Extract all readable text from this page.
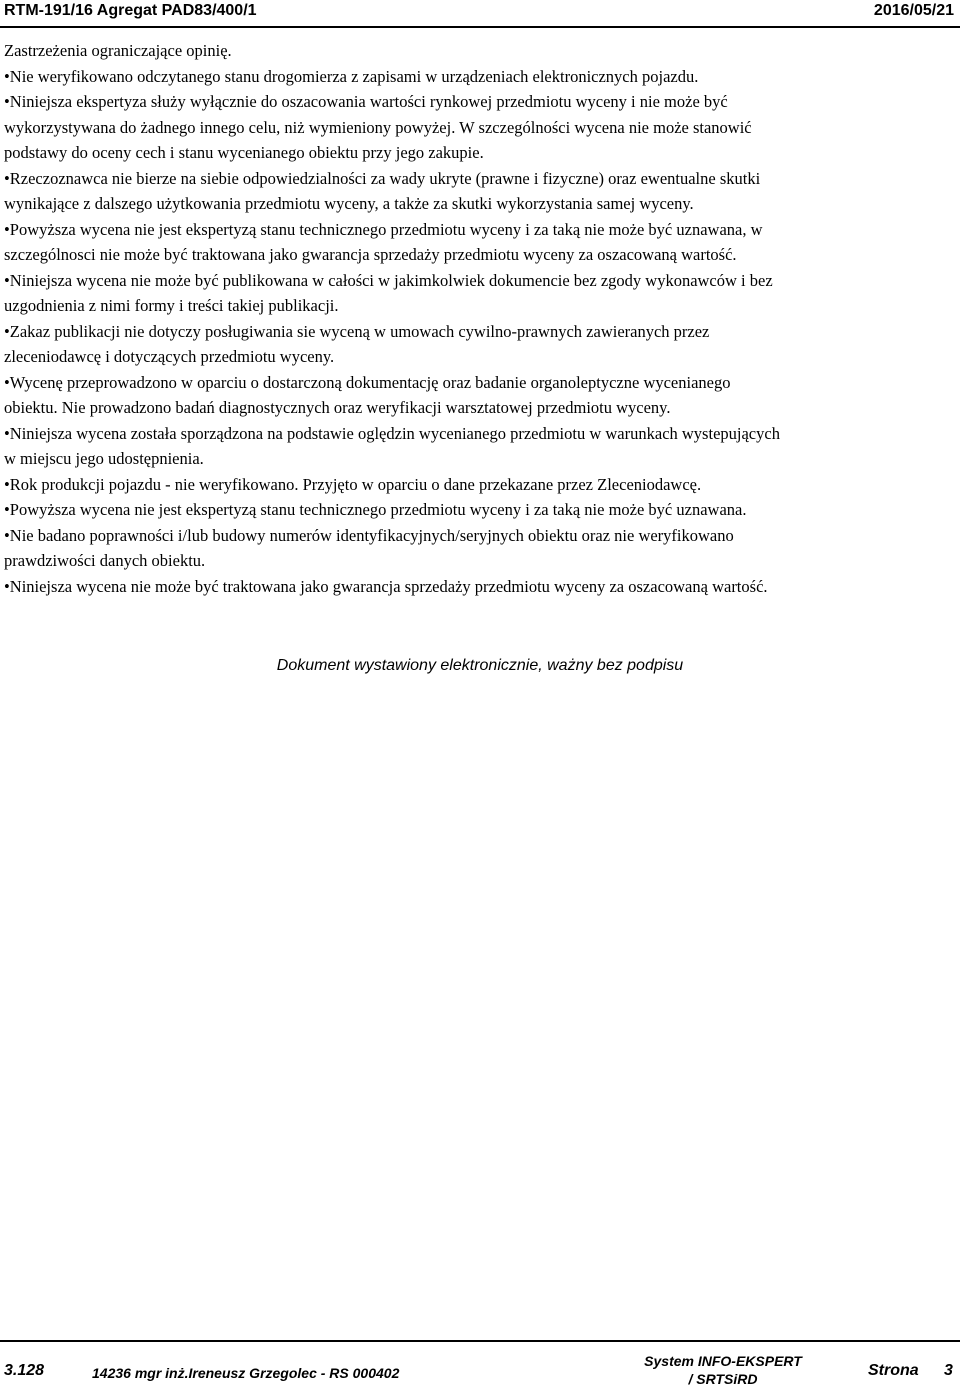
RTM-191/16 Agregat PAD83/400/1	2016/05/21

Zastrzeżenia ograniczające opinię.

•Nie weryfikowano odczytanego stanu drogomierza z zapisami w urządzeniach elektronicznych pojazdu.
•Niniejsza ekspertyza służy wyłącznie do oszacowania wartości rynkowej przedmiotu wyceny i nie może być
wykorzystywana do żadnego innego celu, niż wymieniony powyżej. W szczególności wycena nie może stanowić
podstawy do oceny cech i stanu wycenianego obiektu przy jego zakupie.
•Rzeczoznawca nie bierze na siebie odpowiedzialności za wady ukryte (prawne i fizyczne) oraz ewentualne skutki
wynikające z dalszego użytkowania przedmiotu wyceny, a także za skutki wykorzystania samej wyceny.
•Powyższa wycena nie jest ekspertyzą stanu technicznego przedmiotu wyceny i za taką nie może być uznawana, w
szczególnosci nie może być traktowana jako gwarancja sprzedaży przedmiotu wyceny za oszacowaną wartość.
•Niniejsza wycena nie może być publikowana w całości w jakimkolwiek dokumencie bez zgody wykonawców i bez
uzgodnienia z nimi formy i treści takiej publikacji.
•Zakaz publikacji nie dotyczy posługiwania sie wyceną w umowach cywilno-prawnych zawieranych przez
zleceniodawcę i dotyczących przedmiotu wyceny.
•Wycenę przeprowadzono w oparciu o dostarczoną dokumentację oraz badanie organoleptyczne wycenianego
obiektu. Nie prowadzono badań diagnostycznych oraz weryfikacji warsztatowej przedmiotu wyceny.
•Niniejsza wycena została sporządzona na podstawie oględzin wycenianego przedmiotu w warunkach wystepujących
w miejscu jego udostępnienia.
•Rok produkcji pojazdu - nie weryfikowano. Przyjęto w oparciu o dane przekazane przez Zleceniodawcę.
•Powyższa wycena nie jest ekspertyzą stanu technicznego przedmiotu wyceny i za taką nie może być uznawana.
•Nie badano poprawności i/lub budowy numerów identyfikacyjnych/seryjnych obiektu oraz nie weryfikowano
prawdziwości danych obiektu.
•Niniejsza wycena nie może być traktowana jako gwarancja sprzedaży przedmiotu wyceny za oszacowaną wartość.
Dokument wystawiony elektronicznie, ważny bez podpisu
3.128	14236 mgr inż.Ireneusz Grzegolec - RS 000402
System INFO-EKSPERT
/ SRTSiRD	Strona 3
